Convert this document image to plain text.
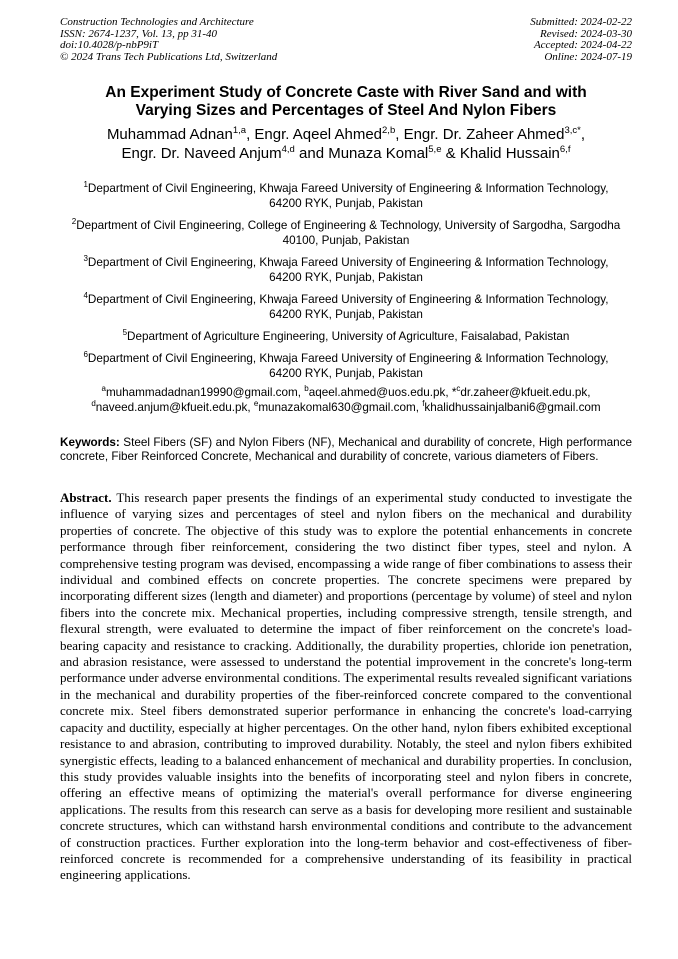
Construction Technologies and Architecture
ISSN: 2674-1237, Vol. 13, pp 31-40
doi:10.4028/p-nbP9iT
© 2024 Trans Tech Publications Ltd, Switzerland
Submitted: 2024-02-22
Revised: 2024-03-30
Accepted: 2024-04-22
Online: 2024-07-19
An Experiment Study of Concrete Caste with River Sand and with
Varying Sizes and Percentages of Steel And Nylon Fibers
Muhammad Adnan$^{1,a}$, Engr. Aqeel Ahmed$^{2,b}$, Engr. Dr. Zaheer Ahmed$^{3,c*}$,
Engr. Dr. Naveed Anjum$^{4,d}$ and Munaza Komal$^{5,e}$ & Khalid Hussain$^{6,f}$

$^1$Department of Civil Engineering, Khwaja Fareed University of Engineering & Information Technology, 64200 RYK, Punjab, Pakistan

$^2$Department of Civil Engineering, College of Engineering & Technology, University of Sargodha, Sargodha 40100, Punjab, Pakistan

$^3$Department of Civil Engineering, Khwaja Fareed University of Engineering & Information Technology, 64200 RYK, Punjab, Pakistan

$^4$Department of Civil Engineering, Khwaja Fareed University of Engineering & Information Technology, 64200 RYK, Punjab, Pakistan

$^5$Department of Agriculture Engineering, University of Agriculture, Faisalabad, Pakistan

$^6$Department of Civil Engineering, Khwaja Fareed University of Engineering & Information Technology, 64200 RYK, Punjab, Pakistan

$^a$muhammadadnan19990@gmail.com, $^b$aqeel.ahmed@uos.edu.pk, *$^c$dr.zaheer@kfueit.edu.pk, $^d$naveed.anjum@kfueit.edu.pk, $^e$munazakomal630@gmail.com, $^f$khalidhussainjalbani6@gmail.com

Keywords: Steel Fibers (SF) and Nylon Fibers (NF), Mechanical and durability of concrete, High performance concrete, Fiber Reinforced Concrete, Mechanical and durability of concrete, various diameters of Fibers.

Abstract. This research paper presents the findings of an experimental study conducted to investigate the influence of varying sizes and percentages of steel and nylon fibers on the mechanical and durability properties of concrete. The objective of this study was to explore the potential enhancements in concrete performance through fiber reinforcement, considering the two distinct fiber types, steel and nylon. A comprehensive testing program was devised, encompassing a wide range of fiber combinations to assess their individual and combined effects on concrete properties. The concrete specimens were prepared by incorporating different sizes (length and diameter) and proportions (percentage by volume) of steel and nylon fibers into the concrete mix. Mechanical properties, including compressive strength, tensile strength, and flexural strength, were evaluated to determine the impact of fiber reinforcement on the concrete's load-bearing capacity and resistance to cracking. Additionally, the durability properties, chloride ion penetration, and abrasion resistance, were assessed to understand the potential improvement in the concrete's long-term performance under adverse environmental conditions. The experimental results revealed significant variations in the mechanical and durability properties of the fiber-reinforced concrete compared to the conventional concrete mix. Steel fibers demonstrated superior performance in enhancing the concrete's load-carrying capacity and ductility, especially at higher percentages. On the other hand, nylon fibers exhibited exceptional resistance to and abrasion, contributing to improved durability. Notably, the steel and nylon fibers exhibited synergistic effects, leading to a balanced enhancement of mechanical and durability properties. In conclusion, this study provides valuable insights into the benefits of incorporating steel and nylon fibers in concrete, offering an effective means of optimizing the material's overall performance for diverse engineering applications. The results from this research can serve as a basis for developing more resilient and sustainable concrete structures, which can withstand harsh environmental conditions and contribute to the advancement of construction practices. Further exploration into the long-term behavior and cost-effectiveness of fiber-reinforced concrete is recommended for a comprehensive understanding of its feasibility in practical engineering applications.
